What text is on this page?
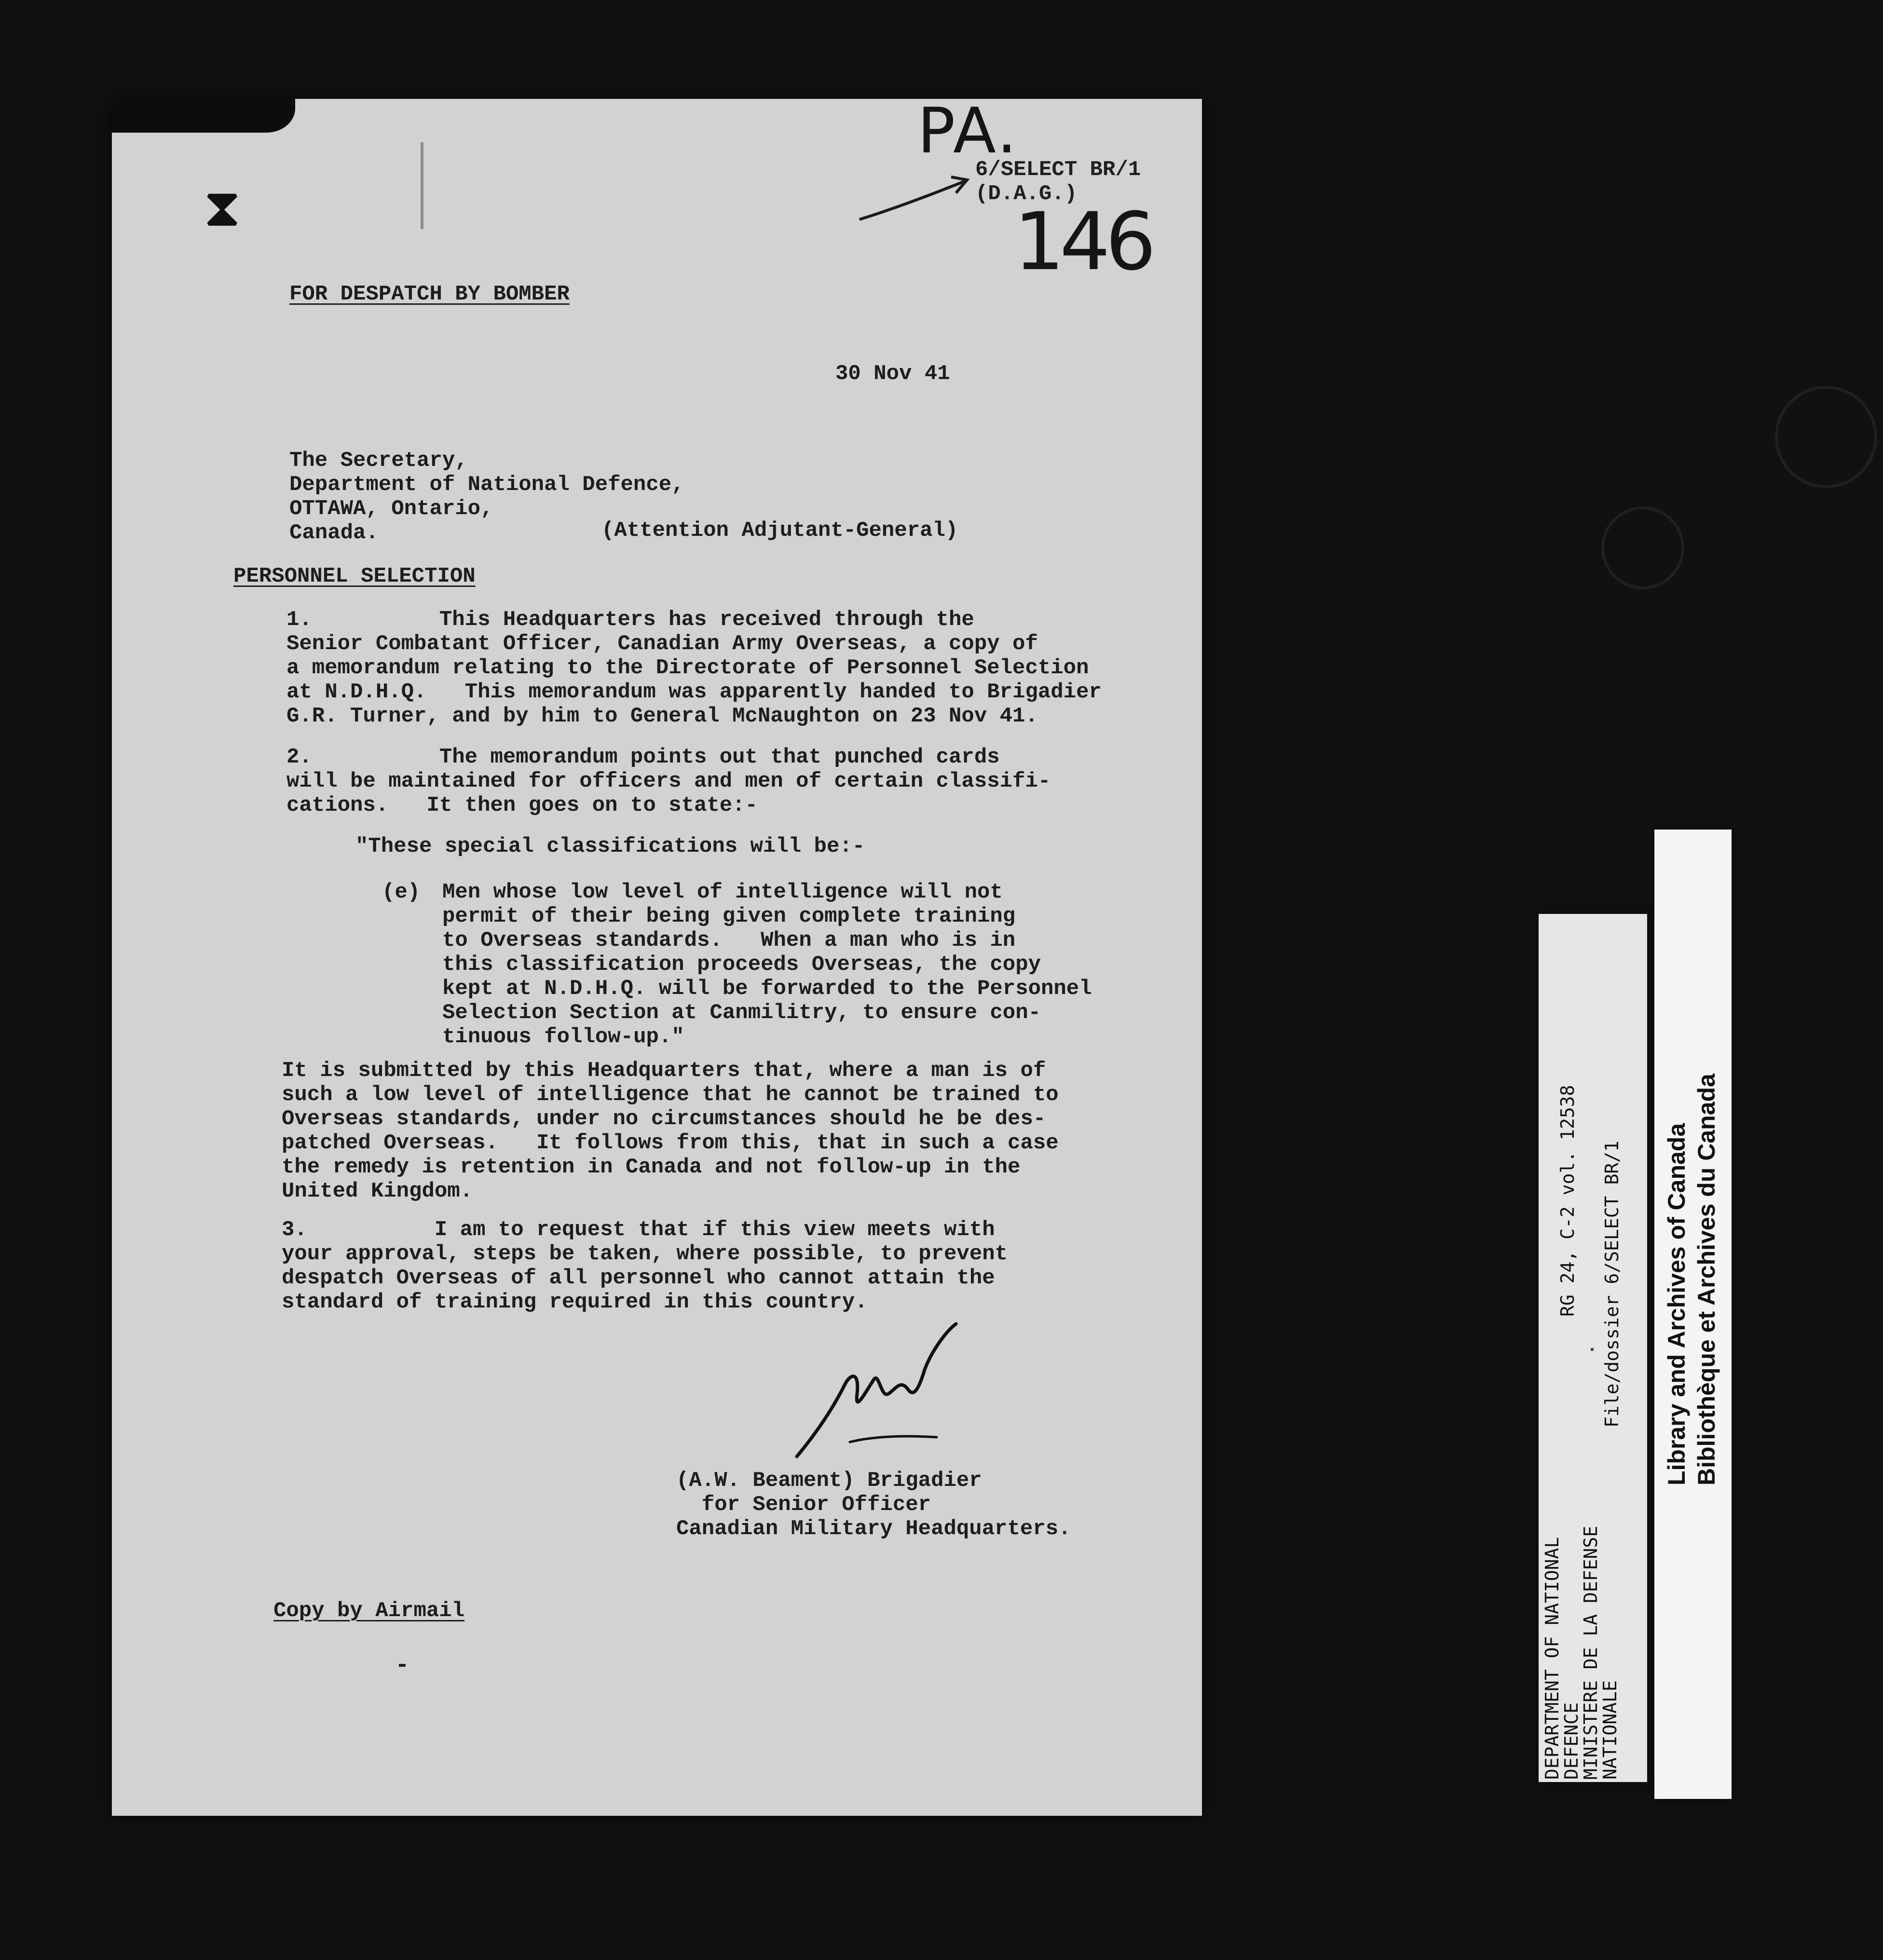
⧗
PA.
6/SELECT BR/1
(D.A.G.)
146
FOR DESPATCH BY BOMBER
30 Nov 41
The Secretary,
Department of National Defence,
OTTAWA, Ontario,
Canada.	(Attention Adjutant-General)
PERSONNEL SELECTION
1.          This Headquarters has received through the
Senior Combatant Officer, Canadian Army Overseas, a copy of
a memorandum relating to the Directorate of Personnel Selection
at N.D.H.Q.   This memorandum was apparently handed to Brigadier
G.R. Turner, and by him to General McNaughton on 23 Nov 41.
2.          The memorandum points out that punched cards
will be maintained for officers and men of certain classifi-
cations.   It then goes on to state:-
"These special classifications will be:-
(e) Men whose low level of intelligence will not
permit of their being given complete training
to Overseas standards.   When a man who is in
this classification proceeds Overseas, the copy
kept at N.D.H.Q. will be forwarded to the Personnel
Selection Section at Canmilitry, to ensure con-
tinuous follow-up."
It is submitted by this Headquarters that, where a man is of
such a low level of intelligence that he cannot be trained to
Overseas standards, under no circumstances should he be des-
patched Overseas.   It follows from this, that in such a case
the remedy is retention in Canada and not follow-up in the
United Kingdom.
3.          I am to request that if this view meets with
your approval, steps be taken, where possible, to prevent
despatch Overseas of all personnel who cannot attain the
standard of training required in this country.
(A.W. Beament) Brigadier
for Senior Officer
Canadian Military Headquarters.
Copy by Airmail
DEPARTMENT OF NATIONAL
DEFENCE
MINISTERE DE LA DEFENSE
NATIONALE
RG 24, C-2 vol. 12538 File/dossier 6/SELECT BR/1
Library and Archives of Canada
Bibliothèque et Archives du Canada
